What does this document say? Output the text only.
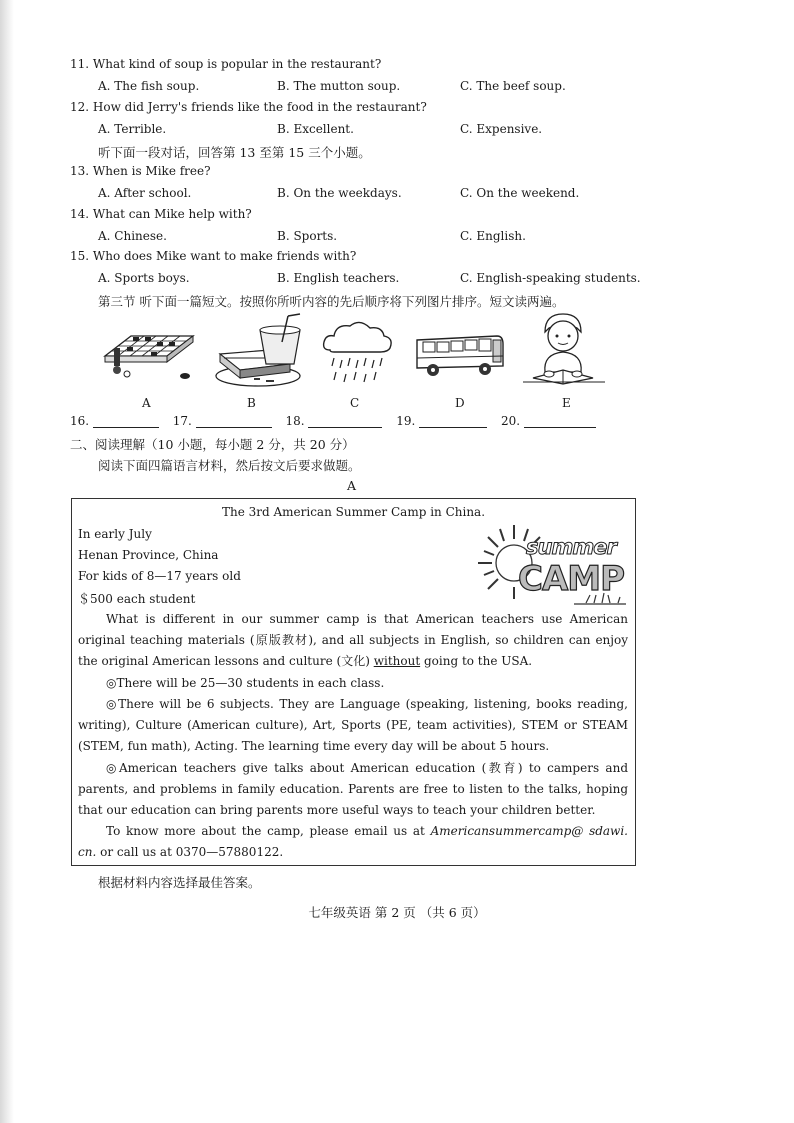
11. What kind of soup is popular in the restaurant?
A. The fish soup.	B. The mutton soup.	C. The beef soup.
12. How did Jerry's friends like the food in the restaurant?
A. Terrible.	B. Excellent.	C. Expensive.
听下面一段对话，回答第 13 至第 15 三个小题。
13. When is Mike free?
A. After school.	B. On the weekdays.	C. On the weekend.
14. What can Mike help with?
A. Chinese.	B. Sports.	C. English.
15. Who does Mike want to make friends with?
A. Sports boys.	B. English teachers.	C. English-speaking students.
第三节 听下面一篇短文。按照你所听内容的先后顺序将下列图片排序。短文读两遍。
A	B	C	D	E
16.	17.	18.	19.	20.
二、阅读理解（10 小题，每小题 2 分，共 20 分）
阅读下面四篇语言材料，然后按文后要求做题。
A
The 3rd American Summer Camp in China.
In early July
Henan Province, China
For kids of 8—17 years old
＄500 each student
summer
CAMP
What is different in our summer camp is that American teachers use American original teaching materials (原版教材), and all subjects in English, so children can enjoy the original American lessons and culture (文化) without going to the USA.
◎There will be 25—30 students in each class.
◎There will be 6 subjects. They are Language (speaking, listening, books reading, writing), Culture (American culture), Art, Sports (PE, team activities), STEM or STEAM (STEM, fun math), Acting. The learning time every day will be about 5 hours.
◎American teachers give talks about American education (教育) to campers and parents, and problems in family education. Parents are free to listen to the talks, hoping that our education can bring parents more useful ways to teach your children better.
To know more about the camp, please email us at Americansummercamp@ sdawi. cn. or call us at 0370—57880122.
根据材料内容选择最佳答案。
七年级英语 第 2 页 （共 6 页）
